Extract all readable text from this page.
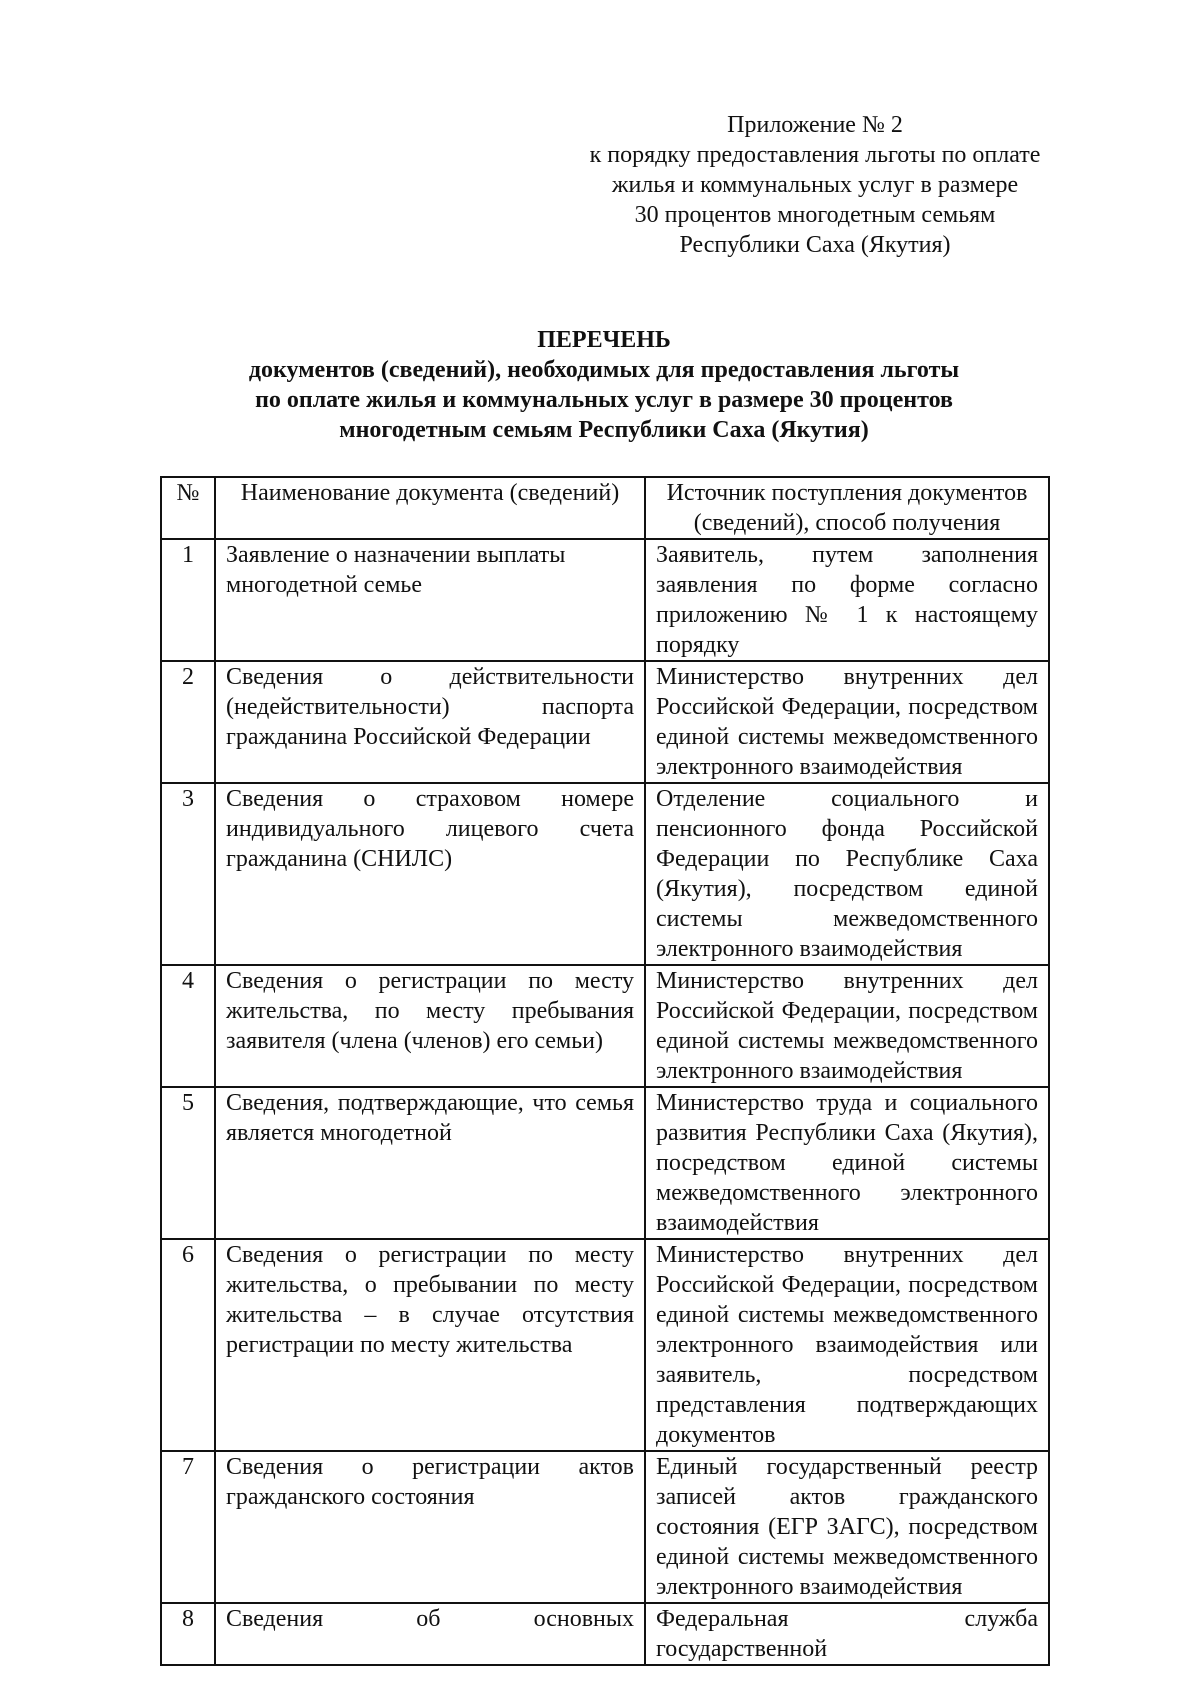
Приложение № 2
к порядку предоставления льготы по оплате
жилья и коммунальных услуг в размере
30 процентов многодетным семьям
Республики Саха (Якутия)
ПЕРЕЧЕНЬ
документов (сведений), необходимых для предоставления льготы
по оплате жилья и коммунальных услуг в размере 30 процентов
многодетным семьям Республики Саха (Якутия)
№	Наименование документа (сведений)	Источник поступления документов (сведений), способ получения
1	Заявление о назначении выплаты многодетной семье	Заявитель, путем заполнения заявления по форме согласно приложению № 1 к настоящему порядку
2	Сведения о действительности (недействительности) паспорта гражданина Российской Федерации	Министерство внутренних дел Российской Федерации, посредством единой системы межведомственного электронного взаимодействия
3	Сведения о страховом номере индивидуального лицевого счета гражданина (СНИЛС)	Отделение социального и пенсионного фонда Российской Федерации по Республике Саха (Якутия), посредством единой системы межведомственного электронного взаимодействия
4	Сведения о регистрации по месту жительства, по месту пребывания заявителя (члена (членов) его семьи)	Министерство внутренних дел Российской Федерации, посредством единой системы межведомственного электронного взаимодействия
5	Сведения, подтверждающие, что семья является многодетной	Министерство труда и социального развития Республики Саха (Якутия), посредством единой системы межведомственного электронного взаимодействия
6	Сведения о регистрации по месту жительства, о пребывании по месту жительства – в случае отсутствия регистрации по месту жительства	Министерство внутренних дел Российской Федерации, посредством единой системы межведомственного электронного взаимодействия или заявитель, посредством представления подтверждающих документов
7	Сведения о регистрации актов гражданского состояния	Единый государственный реестр записей актов гражданского состояния (ЕГР ЗАГС), посредством единой системы межведомственного электронного взаимодействия
8	Сведения об основных	Федеральная служба государственной
